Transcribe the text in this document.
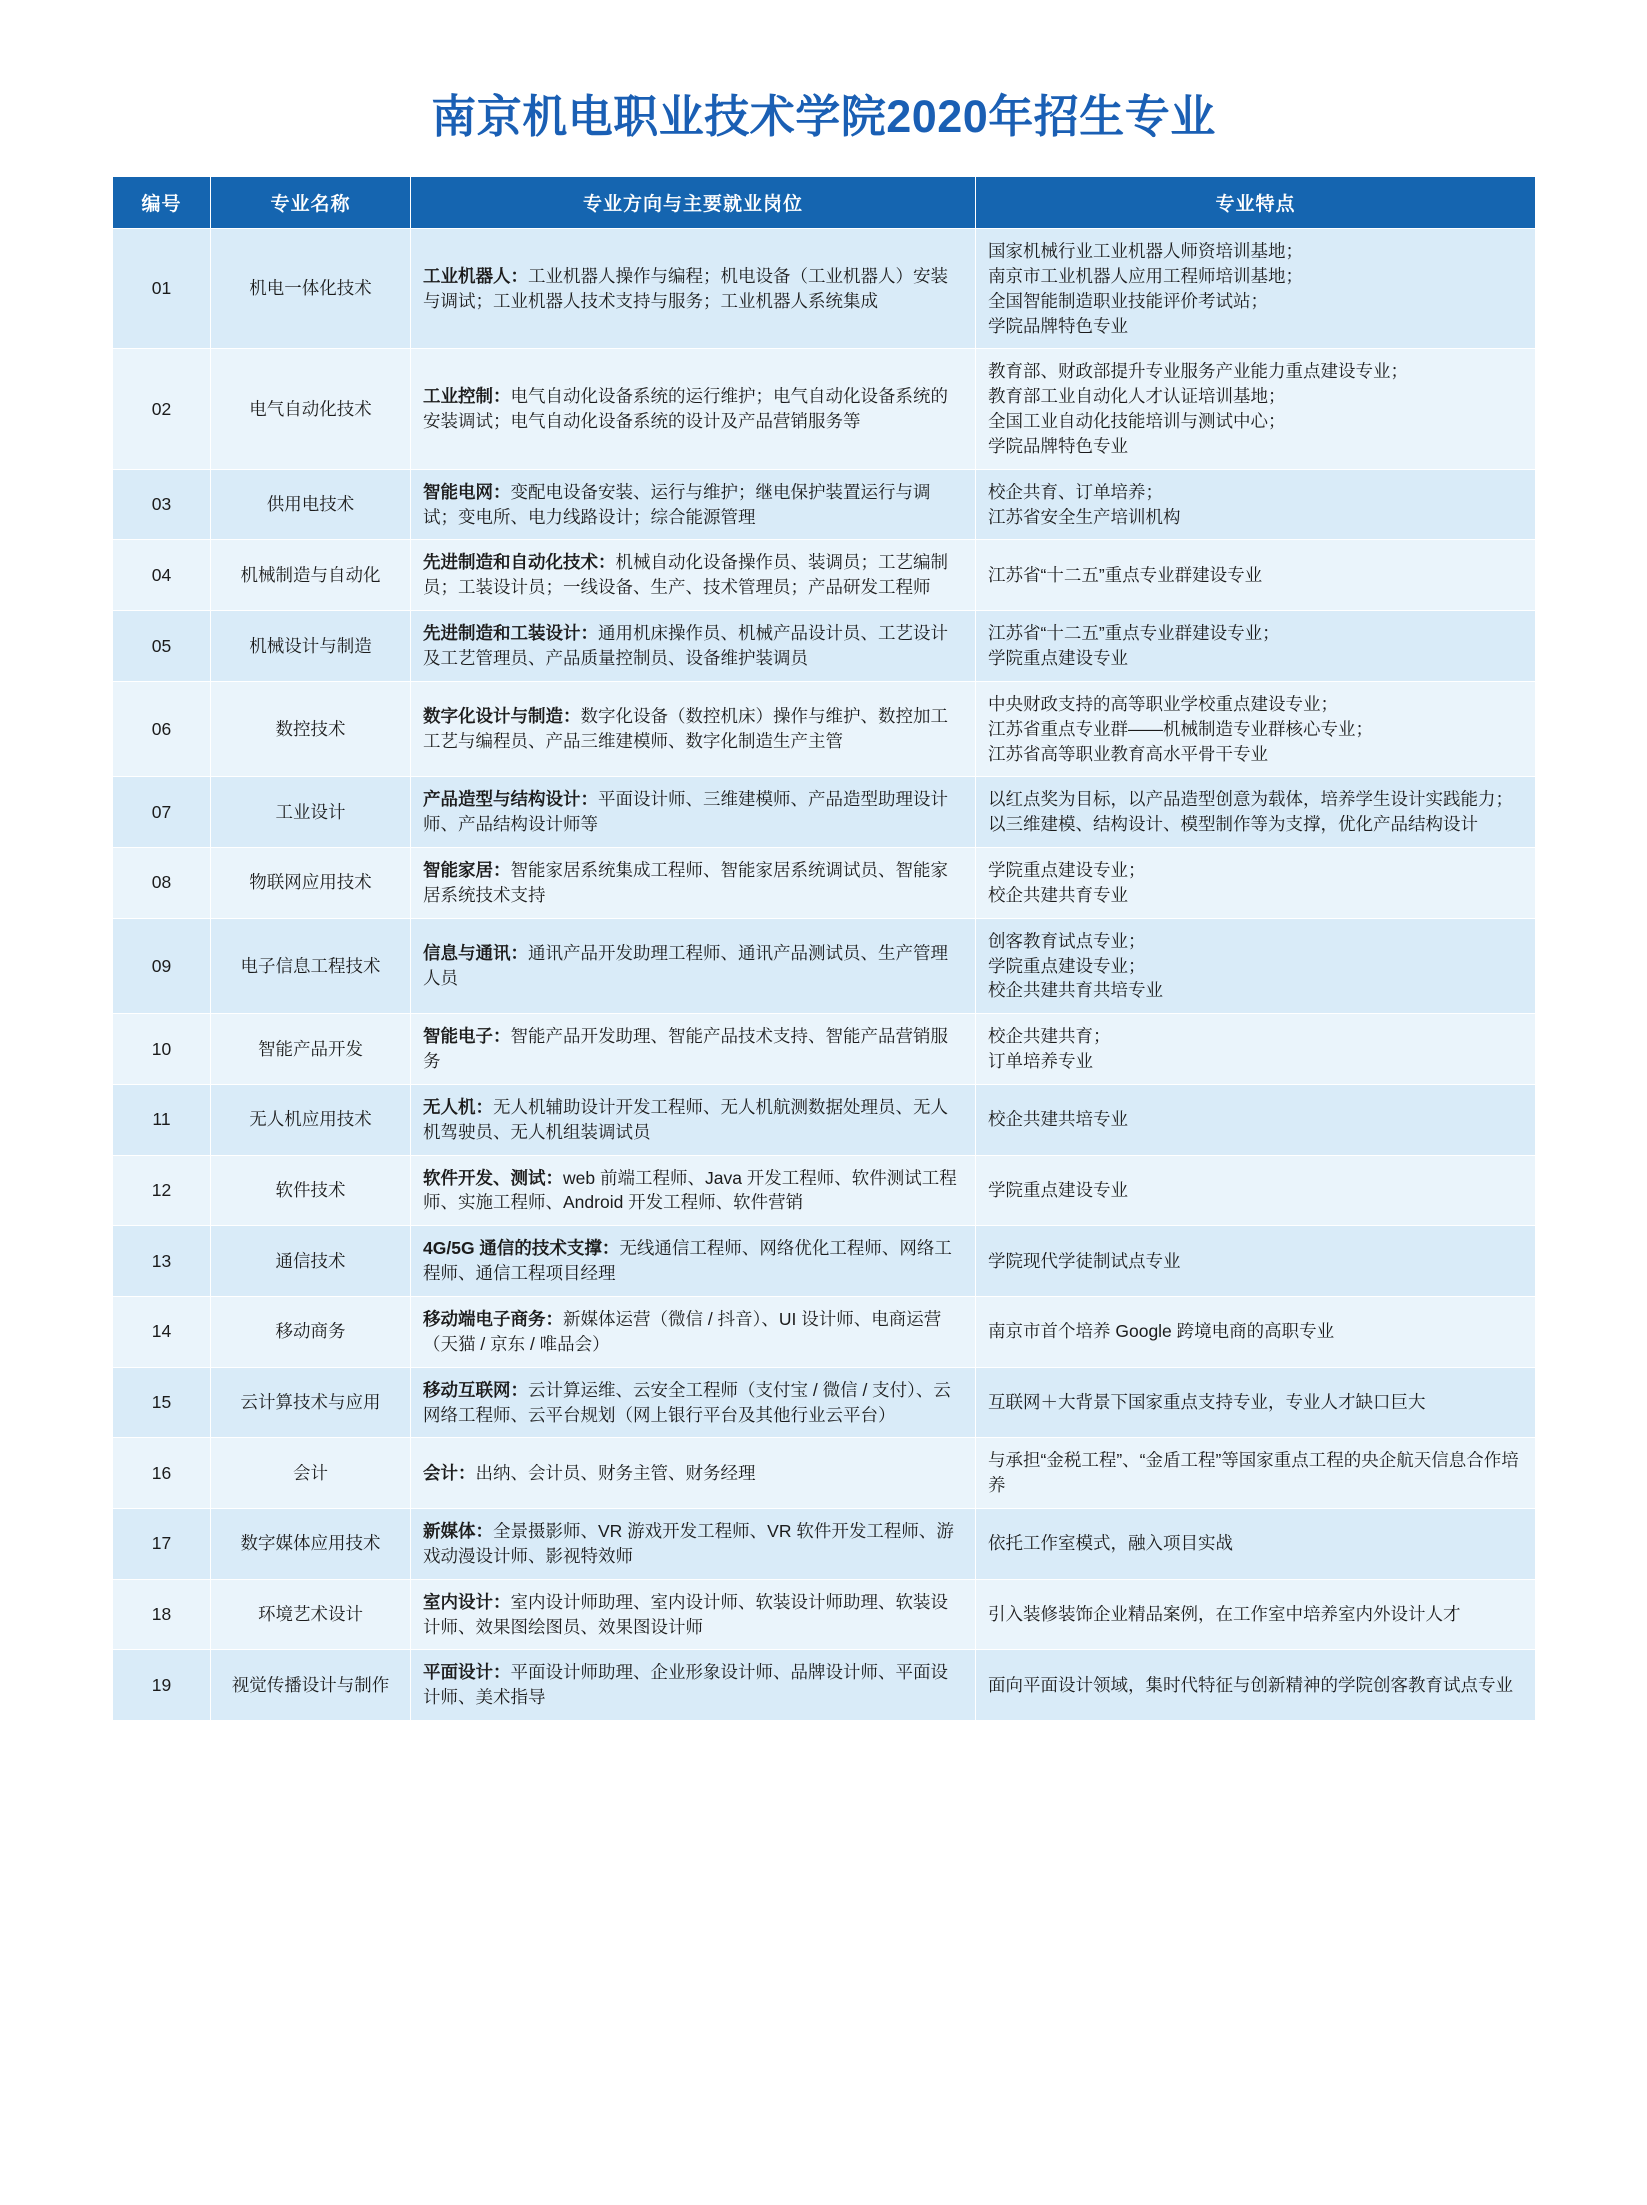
南京机电职业技术学院2020年招生专业
编号	专业名称	专业方向与主要就业岗位	专业特点
01	机电一体化技术	工业机器人：工业机器人操作与编程；机电设备（工业机器人）安装与调试；工业机器人技术支持与服务；工业机器人系统集成	国家机械行业工业机器人师资培训基地；
南京市工业机器人应用工程师培训基地；
全国智能制造职业技能评价考试站；
学院品牌特色专业

02	电气自动化技术	工业控制：电气自动化设备系统的运行维护；电气自动化设备系统的安装调试；电气自动化设备系统的设计及产品营销服务等	教育部、财政部提升专业服务产业能力重点建设专业；
教育部工业自动化人才认证培训基地；
全国工业自动化技能培训与测试中心；
学院品牌特色专业

03	供用电技术	智能电网：变配电设备安装、运行与维护；继电保护装置运行与调试；变电所、电力线路设计；综合能源管理	校企共育、订单培养；
江苏省安全生产培训机构

04	机械制造与自动化	先进制造和自动化技术：机械自动化设备操作员、装调员；工艺编制员；工装设计员；一线设备、生产、技术管理员；产品研发工程师	江苏省“十二五”重点专业群建设专业

05	机械设计与制造	先进制造和工装设计：通用机床操作员、机械产品设计员、工艺设计及工艺管理员、产品质量控制员、设备维护装调员	江苏省“十二五”重点专业群建设专业；
学院重点建设专业

06	数控技术	数字化设计与制造：数字化设备（数控机床）操作与维护、数控加工工艺与编程员、产品三维建模师、数字化制造生产主管	中央财政支持的高等职业学校重点建设专业；
江苏省重点专业群——机械制造专业群核心专业；
江苏省高等职业教育高水平骨干专业

07	工业设计	产品造型与结构设计：平面设计师、三维建模师、产品造型助理设计师、产品结构设计师等	以红点奖为目标，以产品造型创意为载体，培养学生设计实践能力；
以三维建模、结构设计、模型制作等为支撑，优化产品结构设计

08	物联网应用技术	智能家居：智能家居系统集成工程师、智能家居系统调试员、智能家居系统技术支持	学院重点建设专业；
校企共建共育专业

09	电子信息工程技术	信息与通讯：通讯产品开发助理工程师、通讯产品测试员、生产管理人员	创客教育试点专业；
学院重点建设专业；
校企共建共育共培专业

10	智能产品开发	智能电子：智能产品开发助理、智能产品技术支持、智能产品营销服务	校企共建共育；
订单培养专业

11	无人机应用技术	无人机：无人机辅助设计开发工程师、无人机航测数据处理员、无人机驾驶员、无人机组装调试员	校企共建共培专业

12	软件技术	软件开发、测试：web 前端工程师、Java 开发工程师、软件测试工程师、实施工程师、Android 开发工程师、软件营销	学院重点建设专业

13	通信技术	4G/5G 通信的技术支撑：无线通信工程师、网络优化工程师、网络工程师、通信工程项目经理	学院现代学徒制试点专业

14	移动商务	移动端电子商务：新媒体运营（微信 / 抖音）、UI 设计师、电商运营（天猫 / 京东 / 唯品会）	南京市首个培养 Google 跨境电商的高职专业

15	云计算技术与应用	移动互联网：云计算运维、云安全工程师（支付宝 / 微信 / 支付）、云网络工程师、云平台规划（网上银行平台及其他行业云平台）	互联网＋大背景下国家重点支持专业，专业人才缺口巨大

16	会计	会计：出纳、会计员、财务主管、财务经理	与承担“金税工程”、“金盾工程”等国家重点工程的央企航天信息合作培养

17	数字媒体应用技术	新媒体：全景摄影师、VR 游戏开发工程师、VR 软件开发工程师、游戏动漫设计师、影视特效师	依托工作室模式，融入项目实战

18	环境艺术设计	室内设计：室内设计师助理、室内设计师、软装设计师助理、软装设计师、效果图绘图员、效果图设计师	引入装修装饰企业精品案例，在工作室中培养室内外设计人才

19	视觉传播设计与制作	平面设计：平面设计师助理、企业形象设计师、品牌设计师、平面设计师、美术指导	面向平面设计领域，集时代特征与创新精神的学院创客教育试点专业
